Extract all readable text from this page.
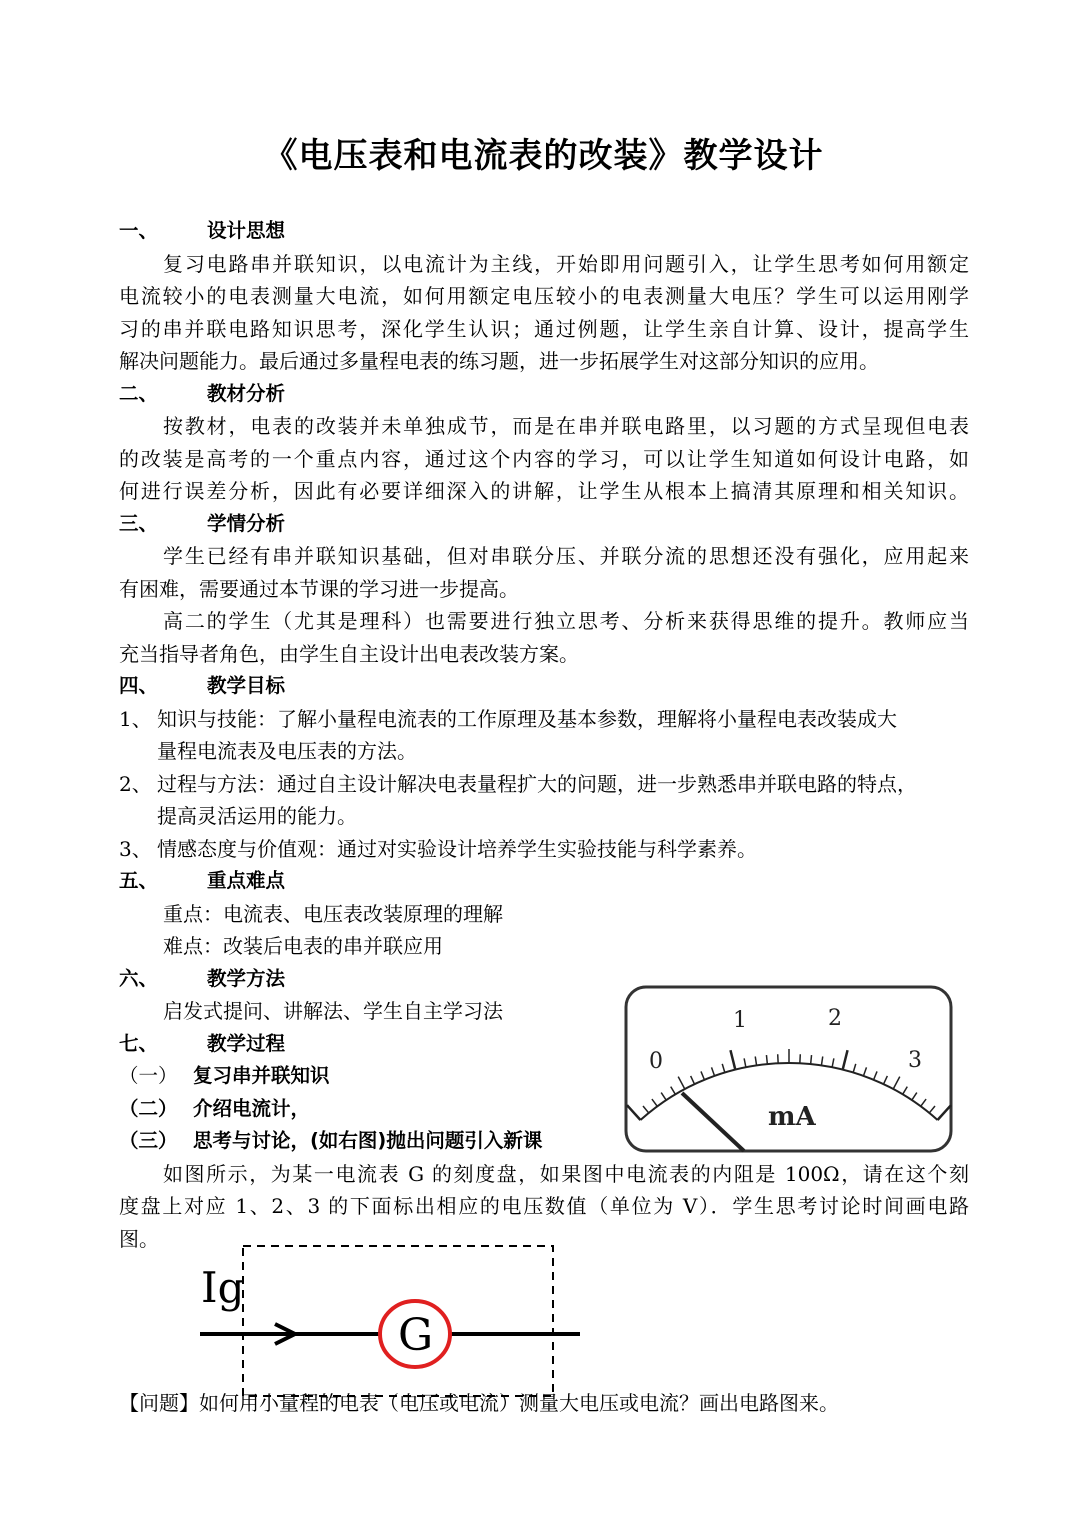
《电压表和电流表的改装》教学设计
一、	设计思想
复习电路串并联知识，以电流计为主线，开始即用问题引入，让学生思考如何用额定
电流较小的电表测量大电流，如何用额定电压较小的电表测量大电压？学生可以运用刚学
习的串并联电路知识思考，深化学生认识；通过例题，让学生亲自计算、设计，提高学生
解决问题能力。最后通过多量程电表的练习题，进一步拓展学生对这部分知识的应用。
二、	教材分析
按教材，电表的改装并未单独成节，而是在串并联电路里，以习题的方式呈现但电表
的改装是高考的一个重点内容，通过这个内容的学习，可以让学生知道如何设计电路，如
何进行误差分析，因此有必要详细深入的讲解，让学生从根本上搞清其原理和相关知识。
三、	学情分析
学生已经有串并联知识基础，但对串联分压、并联分流的思想还没有强化，应用起来
有困难，需要通过本节课的学习进一步提高。
高二的学生（尤其是理科）也需要进行独立思考、分析来获得思维的提升。教师应当
充当指导者角色，由学生自主设计出电表改装方案。
四、	教学目标
1、 知识与技能：了解小量程电流表的工作原理及基本参数，理解将小量程电表改装成大
量程电流表及电压表的方法。
2、 过程与方法：通过自主设计解决电表量程扩大的问题，进一步熟悉串并联电路的特点，
提高灵活运用的能力。
3、 情感态度与价值观：通过对实验设计培养学生实验技能与科学素养。
五、	重点难点
重点：电流表、电压表改装原理的理解
难点：改装后电表的串并联应用
六、	教学方法
启发式提问、讲解法、学生自主学习法
七、	教学过程
（一） 复习串并联知识
（二） 介绍电流计，
（三） 思考与讨论，(如右图)抛出问题引入新课
如图所示，为某一电流表 G 的刻度盘，如果图中电流表的内阻是 100Ω，请在这个刻
度盘上对应 1、2、3 的下面标出相应的电压数值（单位为 V）．学生思考讨论时间画电路
图。
0
1	2
3
mA
Ig
G
【问题】如何用小量程的电表（电压或电流）测量大电压或电流？画出电路图来。
